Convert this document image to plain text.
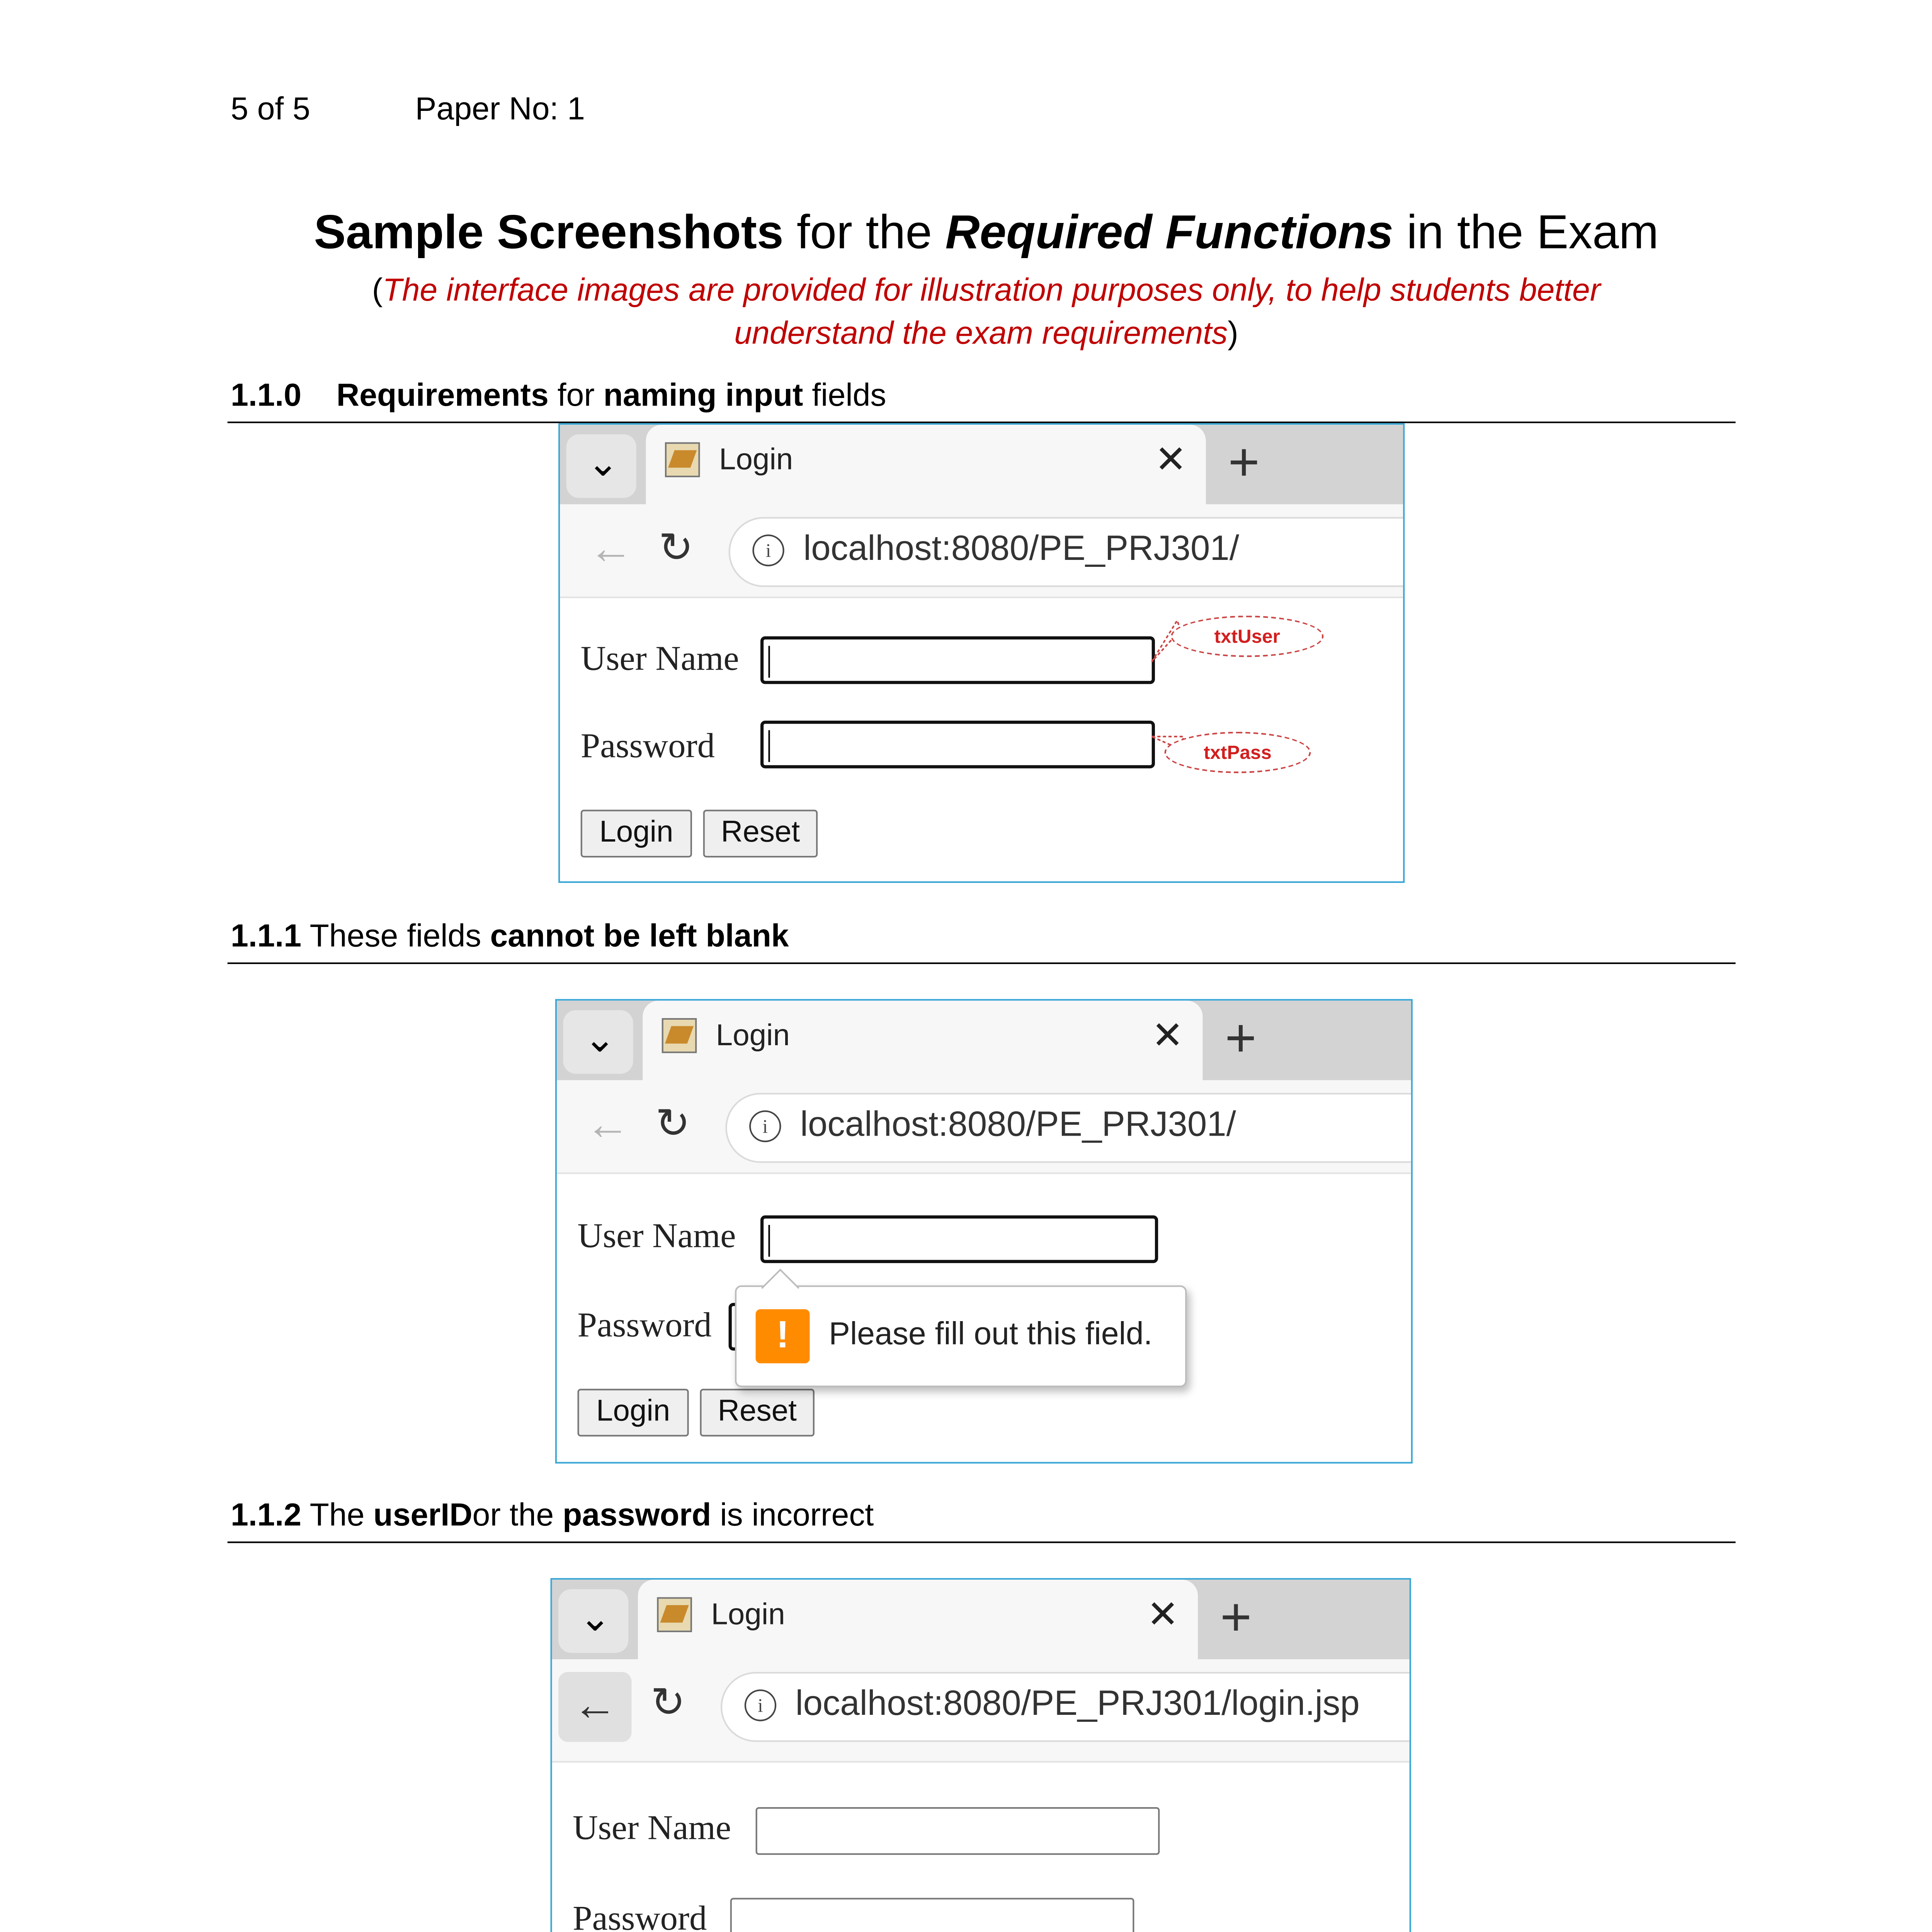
5 of 5	Paper No: 1
Sample Screenshots for the Required Functions in the Exam
(The interface images are provided for illustration purposes only, to help students better
understand the exam requirements)
1.1.0	Requirements for naming input fields
⌄	Login	✕	+
←	↻	i	localhost:8080/PE_PRJ301/
User Name
Password
Login	Reset
txtUser
txtPass
1.1.1 These fields cannot be left blank
⌄	Login	✕	+
←	↻	i	localhost:8080/PE_PRJ301/
User Name
Password
Login	Reset
!	Please fill out this field.
1.1.2 The userIDor the password is incorrect
⌄	Login	✕	+
←	↻	i	localhost:8080/PE_PRJ301/login.jsp
User Name
Password
